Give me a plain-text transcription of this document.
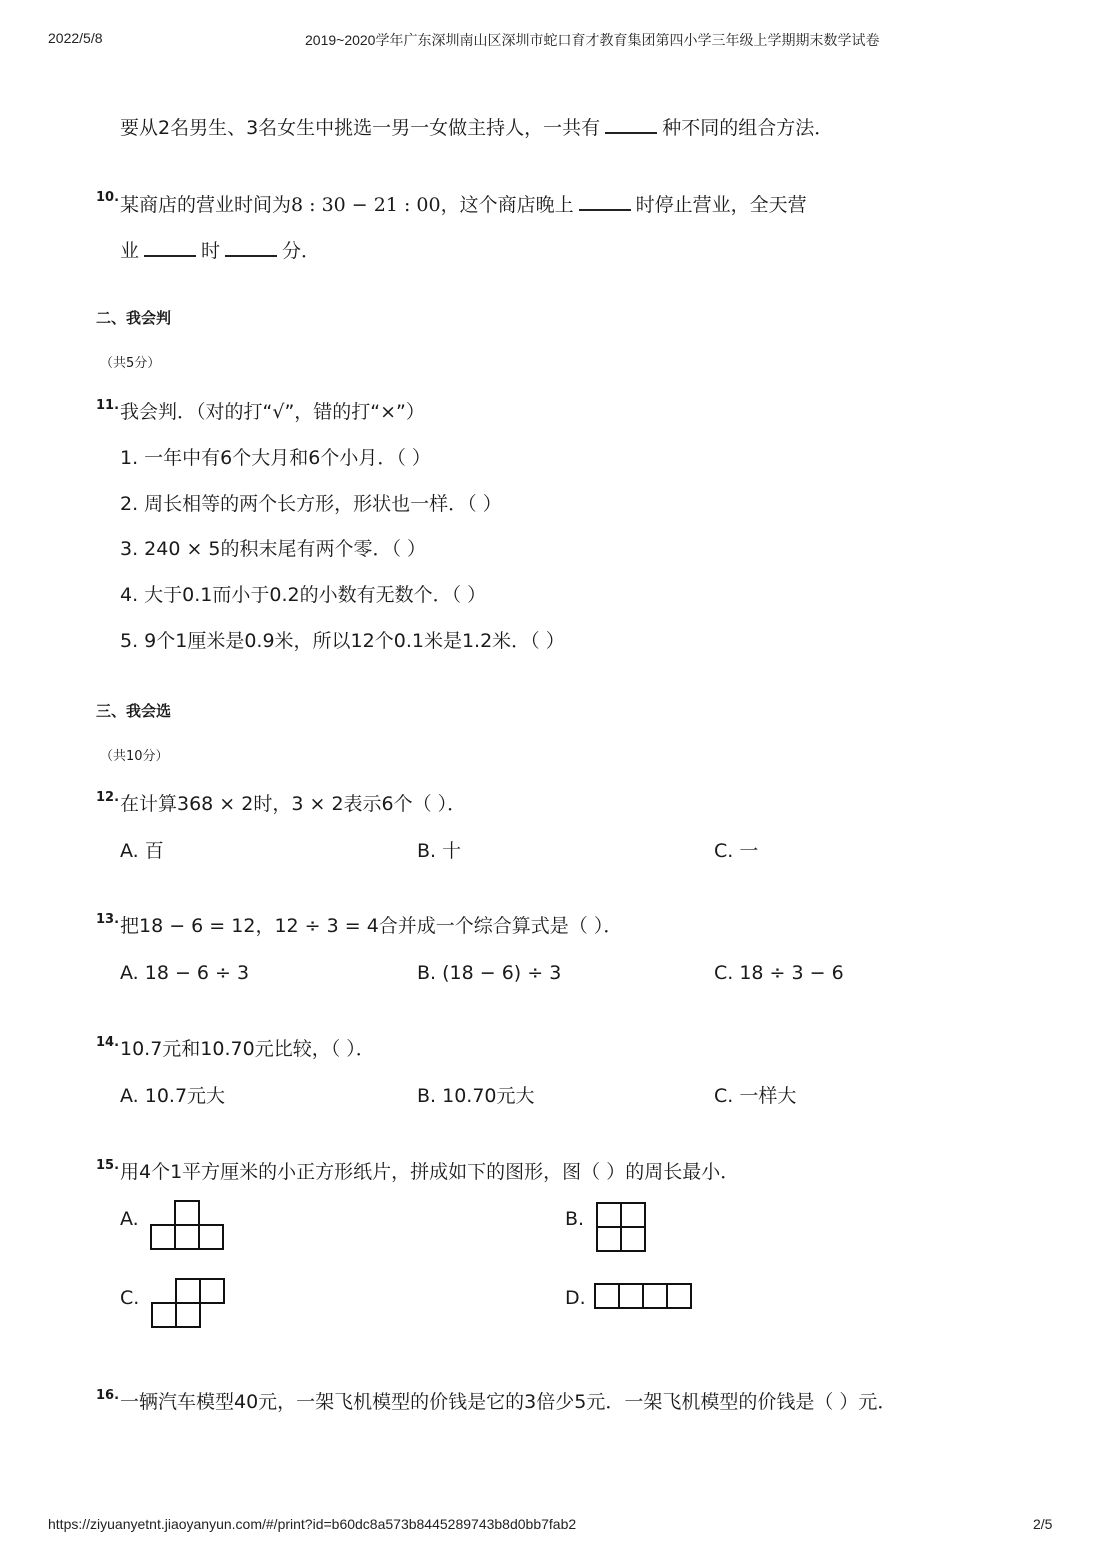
2022/5/8	2019~2020学年广东深圳南山区深圳市蛇口育才教育集团第四小学三年级上学期期末数学试卷
要从2名男生、3名女生中挑选一男一女做主持人，一共有	种不同的组合方法．
10. 某商店的营业时间为8 : 30 − 21 : 00，这个商店晚上	时停止营业，全天营
业	时	分．
二、我会判
（共5分）
11. 我会判．（对的打“√”，错的打“×”）
1. 一年中有6个大月和6个小月．（ ）
2. 周长相等的两个长方形，形状也一样．（ ）
3. 240 × 5的积末尾有两个零．（ ）
4. 大于0.1而小于0.2的小数有无数个．（ ）
5. 9个1厘米是0.9米，所以12个0.1米是1.2米．（ ）
三、我会选
（共10分）
12. 在计算368 × 2时，3 × 2表示6个（ ）．
A. 百	B. 十	C. 一
13. 把18 − 6 = 12，12 ÷ 3 = 4合并成一个综合算式是（ ）．
A. 18 − 6 ÷ 3	B. (18 − 6) ÷ 3	C. 18 ÷ 3 − 6
14. 10.7元和10.70元比较，（ ）．
A. 10.7元大	B. 10.70元大	C. 一样大
15. 用4个1平方厘米的小正方形纸片，拼成如下的图形，图（ ）的周长最小．
A.	B.
C.	D.
16. 一辆汽车模型40元，一架飞机模型的价钱是它的3倍少5元．一架飞机模型的价钱是（ ）元．
https://ziyuanyetnt.jiaoyanyun.com/#/print?id=b60dc8a573b8445289743b8d0bb7fab2	2/5
